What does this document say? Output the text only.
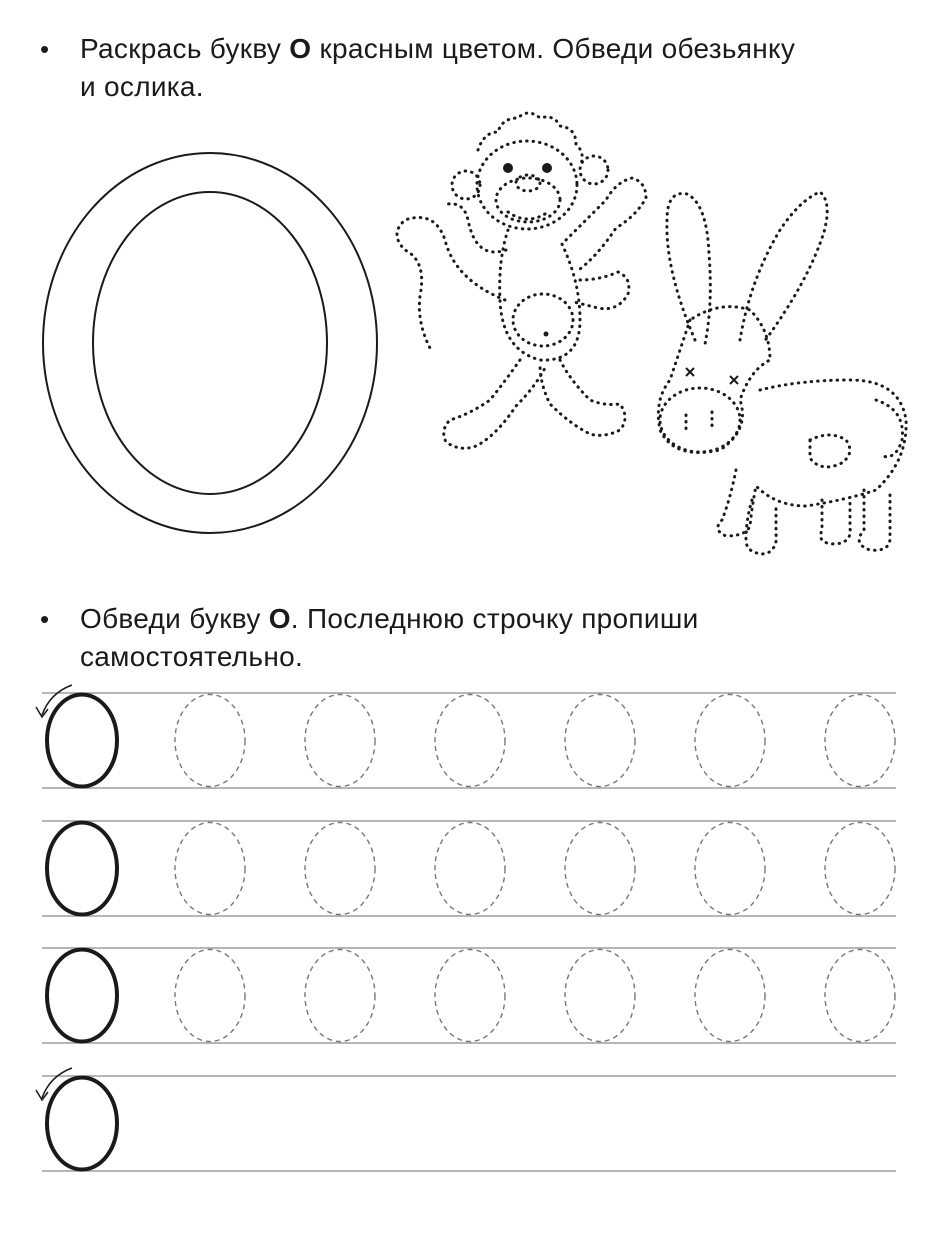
• Раскрась букву О красным цветом. Обведи обезьянку
и ослика.
• Обведи букву О. Последнюю строчку пропиши
самостоятельно.
